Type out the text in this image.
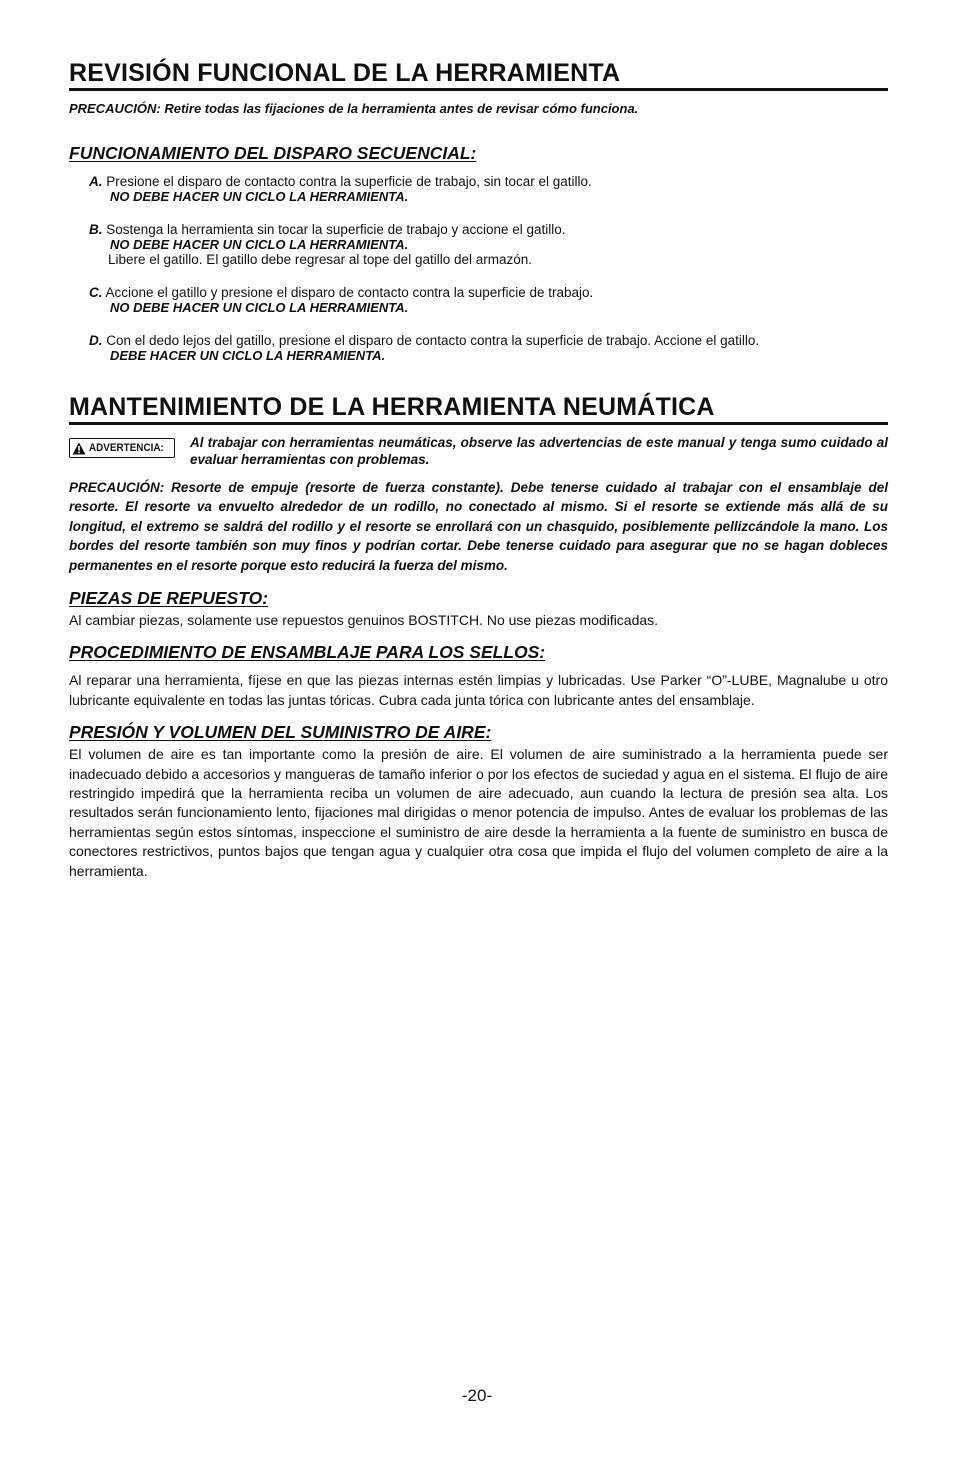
REVISIÓN FUNCIONAL DE LA HERRAMIENTA

PRECAUCIÓN: Retire todas las fijaciones de la herramienta antes de revisar cómo funciona.

FUNCIONAMIENTO DEL DISPARO SECUENCIAL:
A. Presione el disparo de contacto contra la superficie de trabajo, sin tocar el gatillo.
NO DEBE HACER UN CICLO LA HERRAMIENTA.
B. Sostenga la herramienta sin tocar la superficie de trabajo y accione el gatillo.
NO DEBE HACER UN CICLO LA HERRAMIENTA.
Libere el gatillo. El gatillo debe regresar al tope del gatillo del armazón.
C. Accione el gatillo y presione el disparo de contacto contra la superficie de trabajo.
NO DEBE HACER UN CICLO LA HERRAMIENTA.
D. Con el dedo lejos del gatillo, presione el disparo de contacto contra la superficie de trabajo. Accione el gatillo.
DEBE HACER UN CICLO LA HERRAMIENTA.
MANTENIMIENTO DE LA HERRAMIENTA NEUMÁTICA
ADVERTENCIA: Al trabajar con herramientas neumáticas, observe las advertencias de este manual y tenga sumo cuidado al evaluar herramientas con problemas.

PRECAUCIÓN: Resorte de empuje (resorte de fuerza constante). Debe tenerse cuidado al trabajar con el ensamblaje del resorte. El resorte va envuelto alrededor de un rodillo, no conectado al mismo. Si el resorte se extiende más allá de su longitud, el extremo se saldrá del rodillo y el resorte se enrollará con un chasquido, posiblemente pellizcándole la mano. Los bordes del resorte también son muy finos y podrían cortar. Debe tenerse cuidado para asegurar que no se hagan dobleces permanentes en el resorte porque esto reducirá la fuerza del mismo.

PIEZAS DE REPUESTO:

Al cambiar piezas, solamente use repuestos genuinos BOSTITCH. No use piezas modificadas.

PROCEDIMIENTO DE ENSAMBLAJE PARA LOS SELLOS:

Al reparar una herramienta, fíjese en que las piezas internas estén limpias y lubricadas. Use Parker “O”-LUBE, Magnalube u otro lubricante equivalente en todas las juntas tóricas. Cubra cada junta tórica con lubricante antes del ensamblaje.

PRESIÓN Y VOLUMEN DEL SUMINISTRO DE AIRE:

El volumen de aire es tan importante como la presión de aire. El volumen de aire suministrado a la herramienta puede ser inadecuado debido a accesorios y mangueras de tamaño inferior o por los efectos de suciedad y agua en el sistema. El flujo de aire restringido impedirá que la herramienta reciba un volumen de aire adecuado, aun cuando la lectura de presión sea alta. Los resultados serán funcionamiento lento, fijaciones mal dirigidas o menor potencia de impulso. Antes de evaluar los problemas de las herramientas según estos síntomas, inspeccione el suministro de aire desde la herramienta a la fuente de suministro en busca de conectores restrictivos, puntos bajos que tengan agua y cualquier otra cosa que impida el flujo del volumen completo de aire a la herramienta.

-20-
